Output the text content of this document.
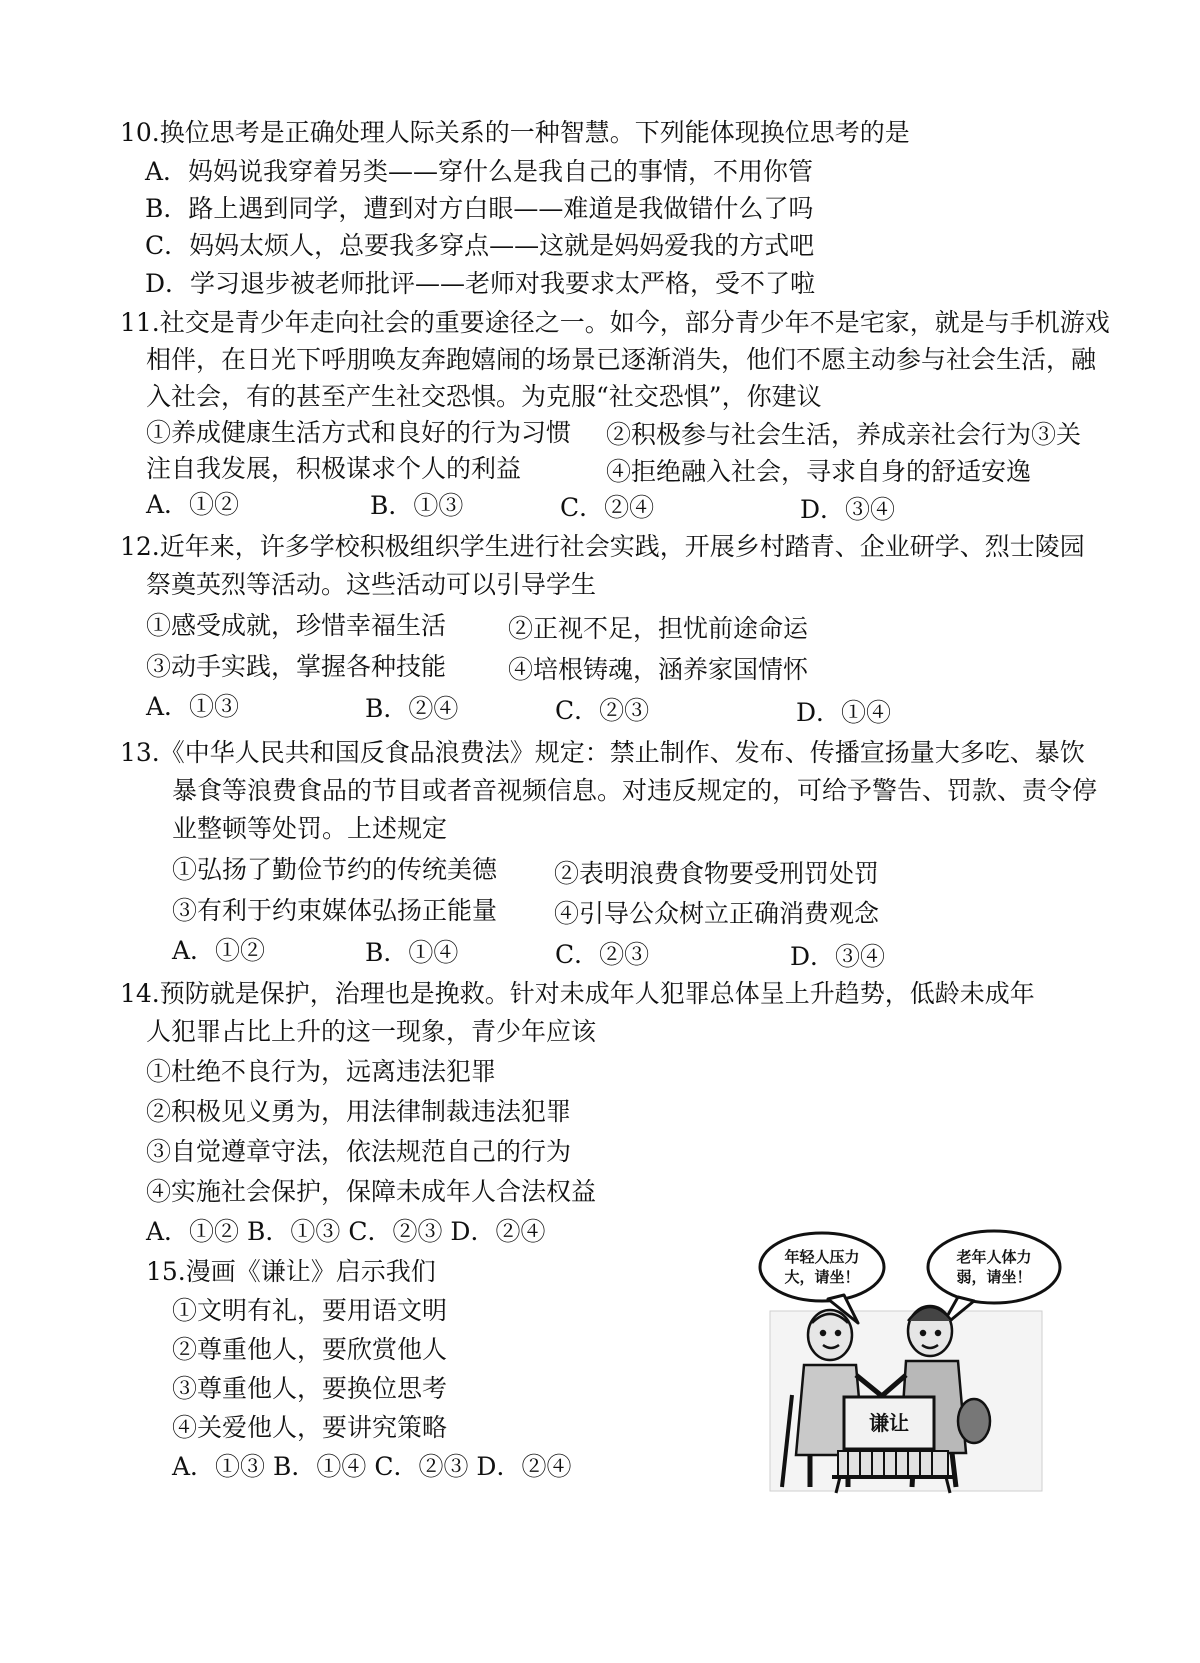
10.换位思考是正确处理人际关系的一种智慧。下列能体现换位思考的是
A．妈妈说我穿着另类——穿什么是我自己的事情，不用你管
B．路上遇到同学，遭到对方白眼——难道是我做错什么了吗
C．妈妈太烦人，总要我多穿点——这就是妈妈爱我的方式吧
D．学习退步被老师批评——老师对我要求太严格，受不了啦
11.社交是青少年走向社会的重要途径之一。如今，部分青少年不是宅家，就是与手机游戏
相伴，在日光下呼朋唤友奔跑嬉闹的场景已逐渐消失，他们不愿主动参与社会生活，融
入社会，有的甚至产生社交恐惧。为克服“社交恐惧”，你建议
①养成健康生活方式和良好的行为习惯 ②积极参与社会生活，养成亲社会行为③关
注自我发展，积极谋求个人的利益	④拒绝融入社会，寻求自身的舒适安逸
A．①②	B．①③	C．②④	D．③④
12.近年来，许多学校积极组织学生进行社会实践，开展乡村踏青、企业研学、烈士陵园
祭奠英烈等活动。这些活动可以引导学生
①感受成就，珍惜幸福生活 ②正视不足，担忧前途命运
③动手实践，掌握各种技能 ④培根铸魂，涵养家国情怀
A．①③	B．②④	C．②③	D．①④
13.《中华人民共和国反食品浪费法》规定：禁止制作、发布、传播宣扬量大多吃、暴饮
暴食等浪费食品的节目或者音视频信息。对违反规定的，可给予警告、罚款、责令停
业整顿等处罚。上述规定
①弘扬了勤俭节约的传统美德 ②表明浪费食物要受刑罚处罚
③有利于约束媒体弘扬正能量 ④引导公众树立正确消费观念
A．①②	B．①④	C．②③	D．③④
14.预防就是保护，治理也是挽救。针对未成年人犯罪总体呈上升趋势，低龄未成年
人犯罪占比上升的这一现象，青少年应该
①杜绝不良行为，远离违法犯罪
②积极见义勇为，用法律制裁违法犯罪
③自觉遵章守法，依法规范自己的行为
④实施社会保护，保障未成年人合法权益
A．①② B．①③ C．②③ D．②④
15.漫画《谦让》启示我们
①文明有礼，要用语文明
②尊重他人，要欣赏他人
③尊重他人，要换位思考
④关爱他人，要讲究策略
A．①③ B．①④ C．②③ D．②④
年轻人压力
大，请坐！
老年人体力
弱，请坐！
谦让
